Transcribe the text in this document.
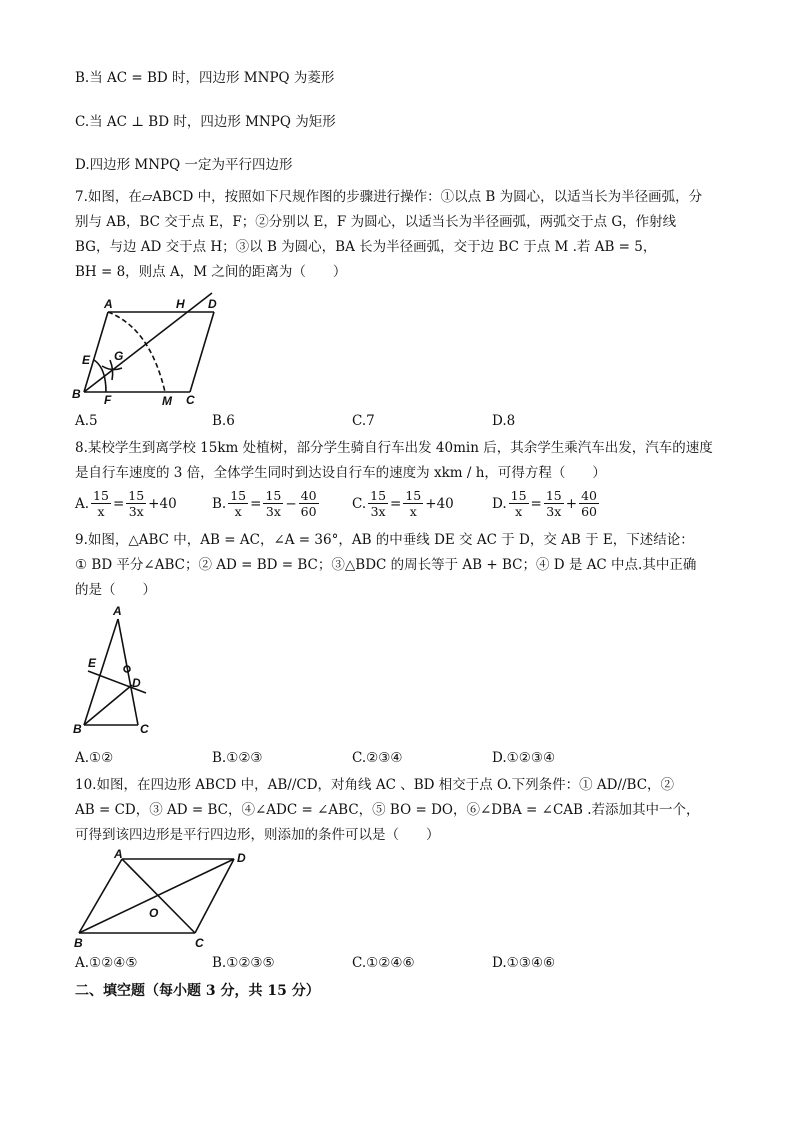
B.当 AC = BD 时，四边形 MNPQ 为菱形
C.当 AC ⊥ BD 时，四边形 MNPQ 为矩形
D.四边形 MNPQ 一定为平行四边形
7.如图，在▱ABCD 中，按照如下尺规作图的步骤进行操作：①以点 B 为圆心，以适当长为半径画弧，分
别与 AB，BC 交于点 E，F；②分别以 E，F 为圆心，以适当长为半径画弧，两弧交于点 G，作射线
BG，与边 AD 交于点 H；③以 B 为圆心，BA 长为半径画弧，交于边 BC 于点 M .若 AB = 5，
BH = 8，则点 A，M 之间的距离为（　　）
A	H D
E G
B F	M C
A.5	B.6	C.7	D.8
8.某校学生到离学校 15km 处植树，部分学生骑自行车出发 40min 后，其余学生乘汽车出发，汽车的速度
是自行车速度的 3 倍，全体学生同时到达设自行车的速度为 xkm / h，可得方程（　　）
A. $\frac{15}{x} = \frac{15}{3x} +40$	B. $\frac{15}{x} = \frac{15}{3x} - \frac{40}{60} C$. $\frac{15}{3x} = \frac{15}{x} +40$	D. $\frac{15}{x} = \frac{15}{3x} + \frac{40}{60}$
9.如图，△ABC 中，AB = AC，∠A = 36°，AB 的中垂线 DE 交 AC 于 D，交 AB 于 E，下述结论：
① BD 平分∠ABC；② AD = BD = BC；③△BDC 的周长等于 AB + BC；④ D 是 AC 中点.其中正确
的是（　　）
A
E
D
B	C
A.①②	B.①②③	C.②③④	D.①②③④
10.如图，在四边形 ABCD 中，AB//CD，对角线 AC 、BD 相交于点 O.下列条件：① AD//BC，②
AB = CD，③ AD = BC，④∠ADC = ∠ABC，⑤ BO = DO，⑥∠DBA = ∠CAB .若添加其中一个，
可得到该四边形是平行四边形，则添加的条件可以是（　　）
A	D
O
B	C
A.①②④⑤	B.①②③⑤	C.①②④⑥	D.①③④⑥
二、填空题（每小题 3 分，共 15 分）
